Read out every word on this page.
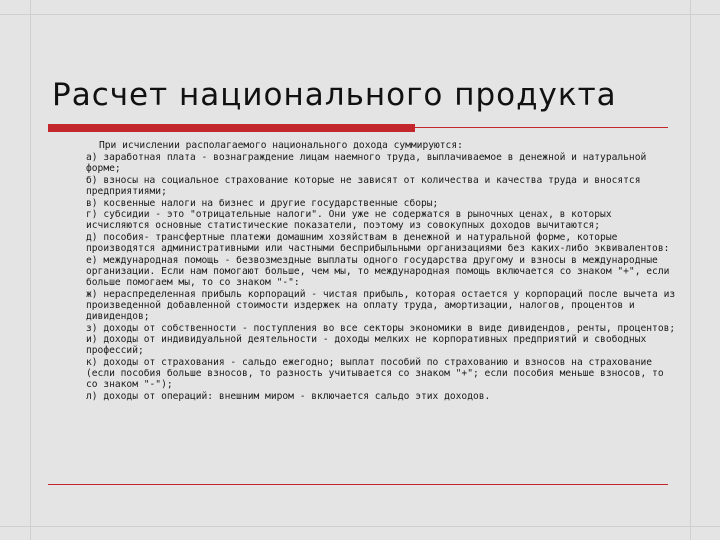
Расчет национального продукта

При исчислении располагаемого национального дохода суммируются:

а) заработная плата - вознаграждение лицам наемного труда, выплачиваемое в денежной и натуральной форме;

б) взносы на социальное страхование которые не зависят от количества и качества труда и вносятся предприятиями;

в) косвенные налоги на бизнес и другие государственные сборы;

г) субсидии - это "отрицательные налоги". Они уже не содержатся в рыночных ценах, в которых исчисляются основные статистические показатели, поэтому из совокупных доходов вычитаются;

д) пособия- трансфертные платежи домашним хозяйствам в денежной и натуральной форме, которые производятся административными или частными бесприбыльными организациями без каких-либо эквивалентов:

е) международная помощь - безвозмездные выплаты одного государства другому и взносы в международные организации. Если нам помогают больше, чем мы, то международная помощь включается со знаком "+", если больше помогаем мы, то со знаком "-":

ж) нераспределенная прибыль корпораций - чистая прибыль, которая остается у корпораций после вычета из произведенной добавленной стоимости издержек на оплату труда, амортизации, налогов, процентов и дивидендов;

з) доходы от собственности - поступления во все секторы экономики в виде дивидендов, ренты, процентов;

и) доходы от индивидуальной деятельности - доходы мелких не корпоративных предприятий и свободных профессий;

к) доходы от страхования - сальдо ежегодно; выплат пособий по страхованию и взносов на страхование (если пособия больше взносов, то разность учитывается со знаком "+"; если пособия меньше взносов, то со знаком "-");

л) доходы от операций: внешним миром - включается сальдо этих доходов.
